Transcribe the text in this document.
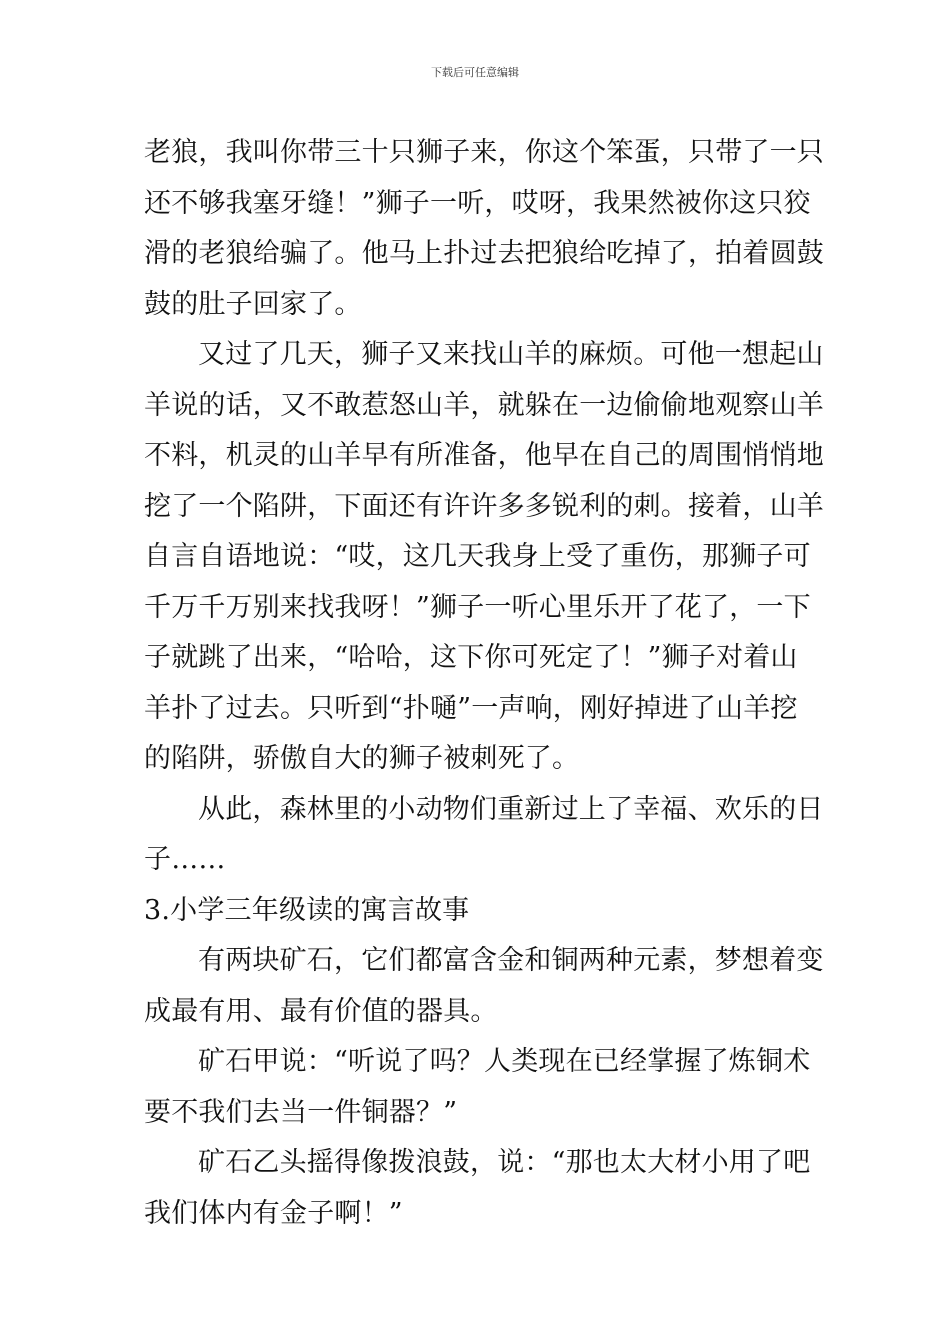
下载后可任意编辑
老狼，我叫你带三十只狮子来，你这个笨蛋，只带了一只
还不够我塞牙缝！”狮子一听，哎呀，我果然被你这只狡
滑的老狼给骗了。他马上扑过去把狼给吃掉了，拍着圆鼓
鼓的肚子回家了。
又过了几天，狮子又来找山羊的麻烦。可他一想起山
羊说的话，又不敢惹怒山羊，就躲在一边偷偷地观察山羊
不料，机灵的山羊早有所准备，他早在自己的周围悄悄地
挖了一个陷阱，下面还有许许多多锐利的刺。接着，山羊
自言自语地说：“哎，这几天我身上受了重伤，那狮子可
千万千万别来找我呀！”狮子一听心里乐开了花了，一下
子就跳了出来，“哈哈，这下你可死定了！”狮子对着山
羊扑了过去。只听到“扑嗵”一声响，刚好掉进了山羊挖
的陷阱，骄傲自大的狮子被刺死了。
从此，森林里的小动物们重新过上了幸福、欢乐的日
子……
3.小学三年级读的寓言故事
有两块矿石，它们都富含金和铜两种元素，梦想着变
成最有用、最有价值的器具。
矿石甲说：“听说了吗？人类现在已经掌握了炼铜术
要不我们去当一件铜器？”
矿石乙头摇得像拨浪鼓，说：“那也太大材小用了吧
我们体内有金子啊！”
